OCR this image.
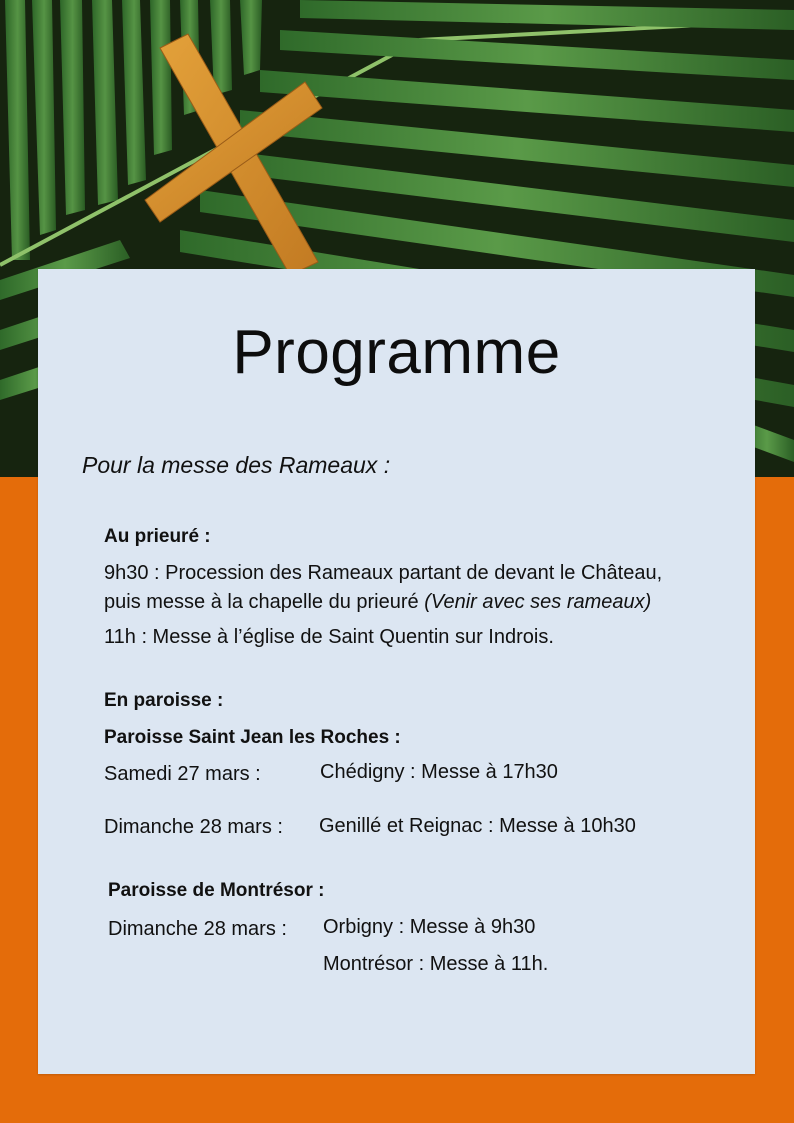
Programme
Pour la messe des Rameaux :
Au prieuré :
9h30 : Procession des Rameaux partant de devant le Château,
puis messe à la chapelle du prieuré (Venir avec ses rameaux)
11h : Messe à l’église de Saint Quentin sur Indrois.
En paroisse :
Paroisse Saint Jean les Roches :
Samedi 27 mars :	Chédigny : Messe à 17h30
Dimanche 28 mars : Genillé et Reignac : Messe à 10h30
Paroisse de Montrésor :
Dimanche 28 mars : Orbigny : Messe à 9h30
Montrésor : Messe à 11h.
